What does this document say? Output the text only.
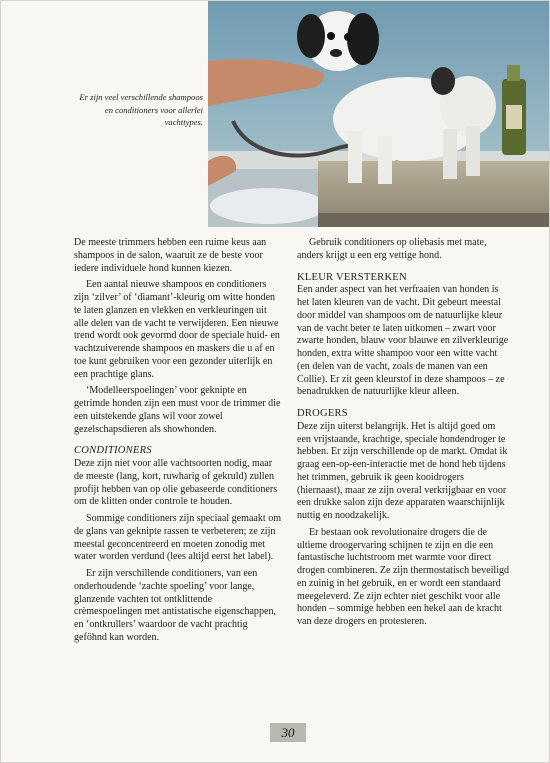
Er zijn veel verschillende shampoos en conditioners voor allerlei vachttypes.

De meeste trimmers hebben een ruime keus aan shampoos in de salon, waaruit ze de beste voor iedere individuele hond kunnen kiezen.

Een aantal nieuwe shampoos en conditioners zijn ‘zilver’ of ‘diamant’-kleurig om witte honden te laten glanzen en vlekken en verkleuringen uit alle delen van de vacht te verwijderen. Een nieuwe trend wordt ook gevormd door de speciale huid- en vachtzuiverende shampoos en maskers die u af en toe kunt gebruiken voor een gezonder uiterlijk en een prachtige glans.

‘Modelleerspoelingen’ voor geknipte en getrimde honden zijn een must voor de trimmer die een uitstekende glans wil voor zowel gezelschapsdieren als showhonden.

CONDITIONERS

Deze zijn niet voor alle vachtsoorten nodig, maar de meeste (lang, kort, ruwharig of gekruld) zullen profijt hebben van op olie gebaseerde conditioners om de klitten onder controle te houden.

Sommige conditioners zijn speciaal gemaakt om de glans van geknipte rassen te verbeteren; ze zijn meestal geconcentreerd en moeten zonodig met water worden verdund (lees altijd eerst het label).

Er zijn verschillende conditioners, van een onderhoudende ‘zachte spoeling’ voor lange, glanzende vachten tot ontklittende crèmespoelingen met antistatische eigenschappen, en ‘ontkrullers’ waardoor de vacht prachtig geföhnd kan worden.

Gebruik conditioners op oliebasis met mate, anders krijgt u een erg vettige hond.

KLEUR VERSTERKEN

Een ander aspect van het verfraaien van honden is het laten kleuren van de vacht. Dit gebeurt meestal door middel van shampoos om de natuurlijke kleur van de vacht beter te laten uitkomen – zwart voor zwarte honden, blauw voor blauwe en zilverkleurige honden, extra witte shampoo voor een witte vacht (en delen van de vacht, zoals de manen van een Collie). Er zit geen kleurstof in deze shampoos – ze benadrukken de natuurlijke kleur alleen.

DROGERS

Deze zijn uiterst belangrijk. Het is altijd goed om een vrijstaande, krachtige, speciale hondendroger te hebben. Er zijn verschillende op de markt. Omdat ik graag een-op-een-interactie met de hond heb tijdens het trimmen, gebruik ik geen kooidrogers (hiernaast), maar ze zijn overal verkrijgbaar en voor een drukke salon zijn deze apparaten waarschijnlijk nuttig en noodzakelijk.

Er bestaan ook revolutionaire drogers die de ultieme droogervaring schijnen te zijn en die een fantastische luchtstroom met warmte voor direct drogen combineren. Ze zijn thermostatisch beveiligd en zuinig in het gebruik, en er wordt een standaard meegeleverd. Ze zijn echter niet geschikt voor alle honden – sommige hebben een hekel aan de kracht van deze drogers en protesteren.

30
